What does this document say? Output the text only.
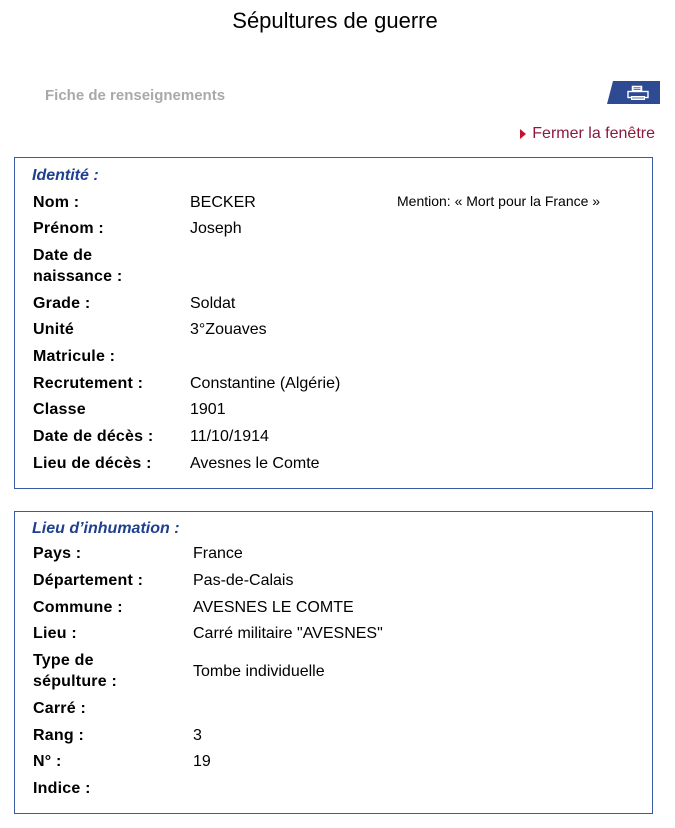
Sépultures de guerre
Fiche de renseignements
Fermer la fenêtre
Identité :
Mention: « Mort pour la France »
Nom :	BECKER
Prénom :	Joseph
Date de
naissance :
Grade :	Soldat
Unité	3°Zouaves
Matricule :
Recrutement :	Constantine (Algérie)
Classe	1901
Date de décès : 11/10/1914
Lieu de décès : Avesnes le Comte
Lieu d’inhumation :
Pays :	France
Département :	Pas-de-Calais
Commune :	AVESNES LE COMTE
Lieu :	Carré militaire "AVESNES"
Type de
sépulture :
Tombe individuelle
Carré :
Rang :	3
N° :	19
Indice :
